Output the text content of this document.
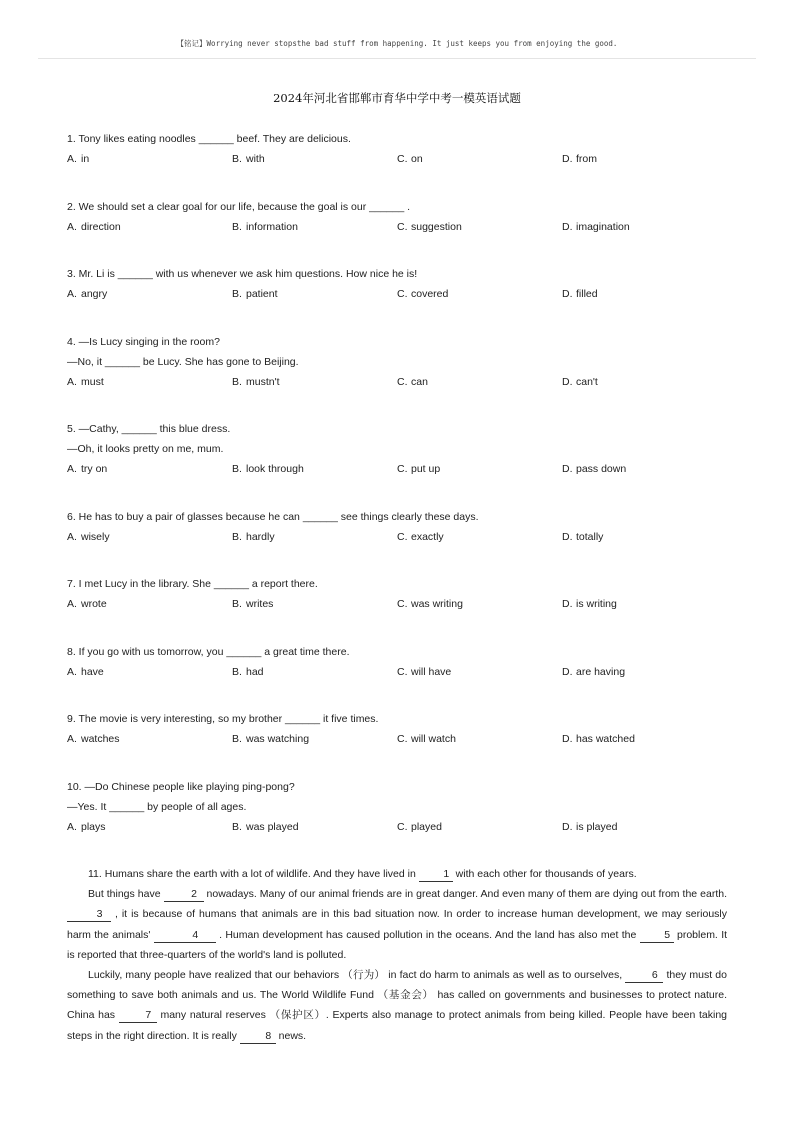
【铭记】Worrying never stopsthe bad stuff from happening. It just keeps you from enjoying the good.
2024年河北省邯郸市育华中学中考一模英语试题
1. Tony likes eating noodles ______ beef. They are delicious.
A. in	B. with	C. on	D. from
2. We should set a clear goal for our life, because the goal is our ______ .
A. direction	B. information	C. suggestion	D. imagination
3. Mr. Li is ______ with us whenever we ask him questions. How nice he is!
A. angry	B. patient	C. covered	D. filled
4. —Is Lucy singing in the room?
—No, it ______ be Lucy. She has gone to Beijing.
A. must	B. mustn't	C. can	D. can't
5. —Cathy, ______ this blue dress.
—Oh, it looks pretty on me, mum.
A. try on	B. look through	C. put up	D. pass down
6. He has to buy a pair of glasses because he can ______ see things clearly these days.
A. wisely	B. hardly	C. exactly	D. totally
7. I met Lucy in the library. She ______ a report there.
A. wrote	B. writes	C. was writing	D. is writing
8. If you go with us tomorrow, you ______ a great time there.
A. have	B. had	C. will have	D. are having
9. The movie is very interesting, so my brother ______ it five times.
A. watches	B. was watching	C. will watch	D. has watched
10. —Do Chinese people like playing ping-pong?
—Yes. It ______ by people of all ages.
A. plays	B. was played	C. played	D. is played

11. Humans share the earth with a lot of wildlife. And they have lived in	1 with each other for thousands of years.

But things have	2 nowadays. Many of our animal friends are in great danger. And even many of them are dying out from the earth. 3 , it is because of humans that animals are in this bad situation now. In order to increase human development, we may seriously harm the animals'	4 . Human development has caused pollution in the oceans. And the land has also met the	5 problem. It is reported that three-quarters of the world's land is polluted.

Luckily, many people have realized that our behaviors （行为） in fact do harm to animals as well as to ourselves,	6 they must do something to save both animals and us. The World Wildlife Fund （基金会） has called on governments and businesses to protect nature. China has	7 many natural reserves （保护区）. Experts also manage to protect animals from being killed. People have been taking steps in the right direction. It is really	8 news.
